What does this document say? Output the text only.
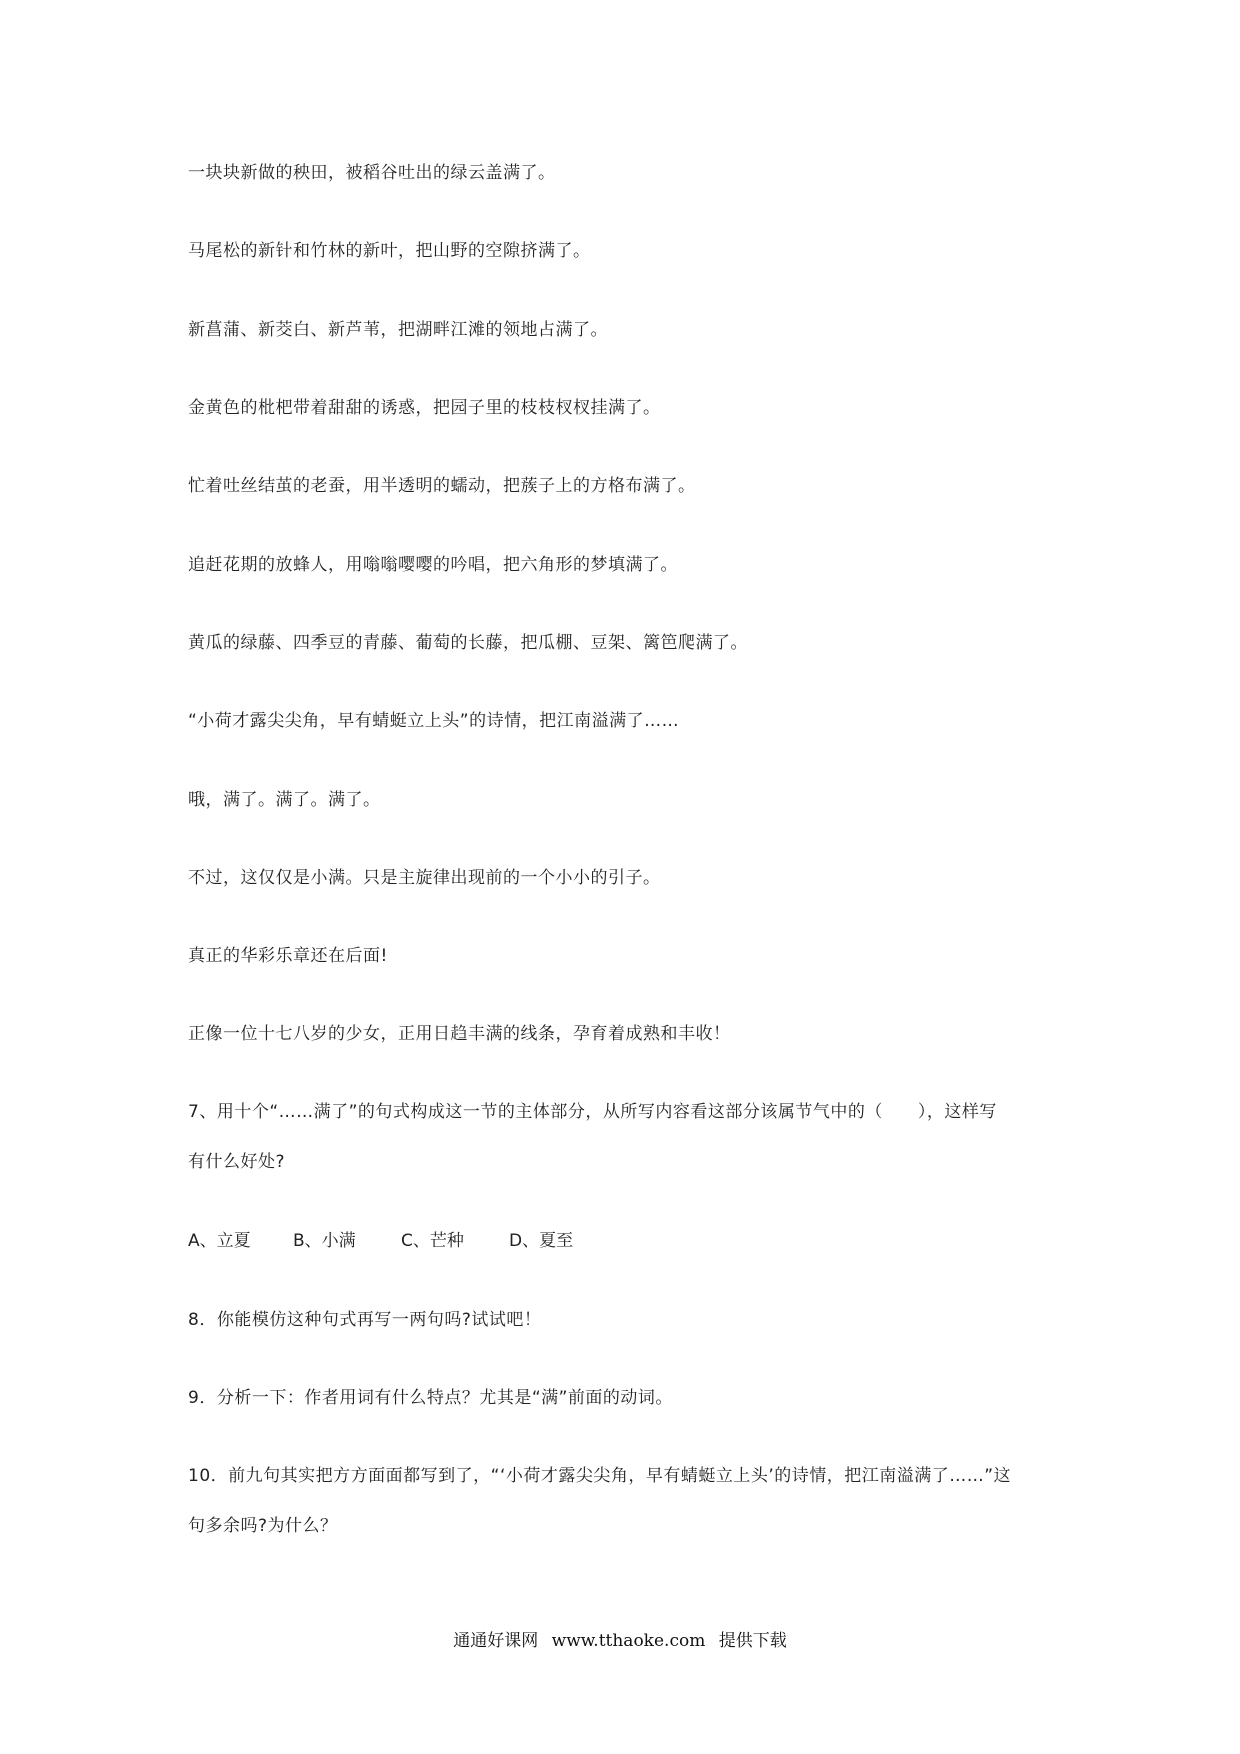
一块块新做的秧田，被稻谷吐出的绿云盖满了。
马尾松的新针和竹林的新叶，把山野的空隙挤满了。
新菖蒲、新茭白、新芦苇，把湖畔江滩的领地占满了。
金黄色的枇杷带着甜甜的诱惑，把园子里的枝枝杈杈挂满了。
忙着吐丝结茧的老蚕，用半透明的蠕动，把蔟子上的方格布满了。
追赶花期的放蜂人，用嗡嗡嘤嘤的吟唱，把六角形的梦填满了。
黄瓜的绿藤、四季豆的青藤、葡萄的长藤，把瓜棚、豆架、篱笆爬满了。
“小荷才露尖尖角，早有蜻蜓立上头”的诗情，把江南溢满了……
哦，满了。满了。满了。
不过，这仅仅是小满。只是主旋律出现前的一个小小的引子。
真正的华彩乐章还在后面!
正像一位十七八岁的少女，正用日趋丰满的线条，孕育着成熟和丰收！
7、用十个“……满了”的句式构成这一节的主体部分，从所写内容看这部分该属节气中的（　　），这样写
有什么好处?
A、立夏 B、小满	C、芒种	D、夏至
8．你能模仿这种句式再写一两句吗?试试吧！
9．分析一下：作者用词有什么特点？尤其是“满”前面的动词。
10．前九句其实把方方面面都写到了，“‘小荷才露尖尖角，早有蜻蜓立上头’的诗情，把江南溢满了……”这
句多余吗?为什么？
通通好课网 www.tthaoke.com 提供下载
